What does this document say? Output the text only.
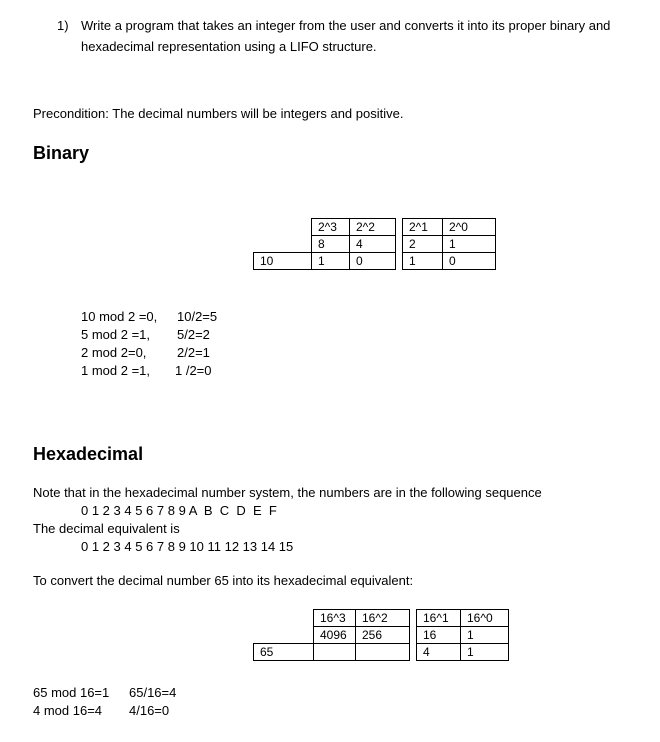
1) Write a program that takes an integer from the user and converts it into its proper binary and
hexadecimal representation using a LIFO structure.
Precondition: The decimal numbers will be integers and positive.
Binary
	2^3	2^2		2^1	2^0
	8	4		2	1
10	1	0		1	0
10 mod 2 =0, 10/2=5
5 mod 2 =1, 5/2=2
2 mod 2=0, 2/2=1
1 mod 2 =1, 1 /2=0
Hexadecimal
Note that in the hexadecimal number system, the numbers are in the following sequence
0 1 2 3 4 5 6 7 8 9 A  B  C  D  E  F
The decimal equivalent is
0 1 2 3 4 5 6 7 8 9 10 11 12 13 14 15
To convert the decimal number 65 into its hexadecimal equivalent:
	16^3	16^2		16^1	16^0
	4096	256		16	1
65				4	1
65 mod 16=1 65/16=4
4 mod 16=4 4/16=0
